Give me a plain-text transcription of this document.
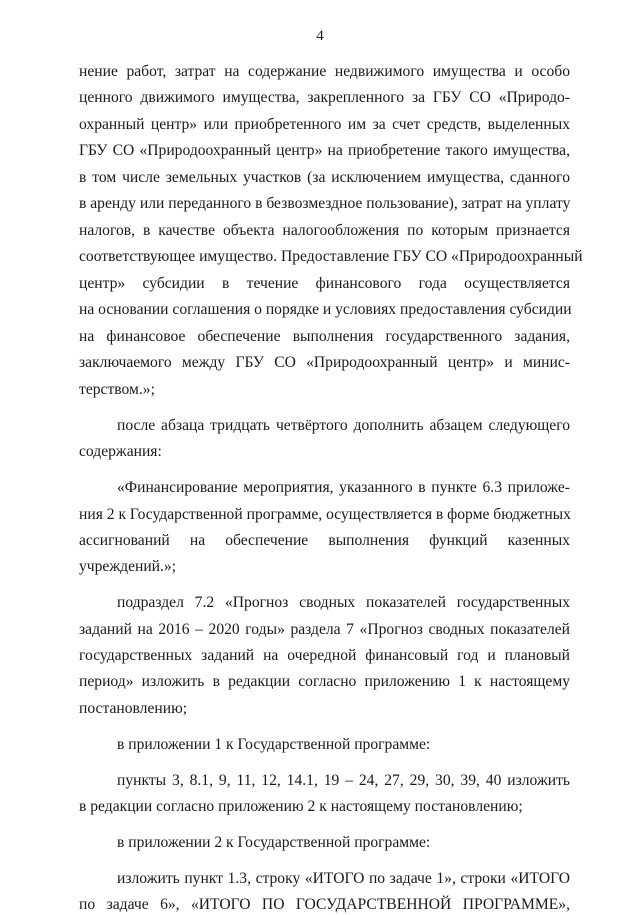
4
нение работ, затрат на содержание недвижимого имущества и особо
ценного движимого имущества, закрепленного за ГБУ СО «Природо-
охранный центр» или приобретенного им за счет средств, выделенных
ГБУ СО «Природоохранный центр» на приобретение такого имущества,
в том числе земельных участков (за исключением имущества, сданного
в аренду или переданного в безвозмездное пользование), затрат на уплату
налогов, в качестве объекта налогообложения по которым признается
соответствующее имущество. Предоставление ГБУ СО «Природоохранный
центр» субсидии в течение финансового года осуществляется
на основании соглашения о порядке и условиях предоставления субсидии
на финансовое обеспечение выполнения государственного задания,
заключаемого между ГБУ СО «Природоохранный центр» и минис-
терством.»;
после абзаца тридцать четвёртого дополнить абзацем следующего
содержания:
«Финансирование мероприятия, указанного в пункте 6.3 приложе-
ния 2 к Государственной программе, осуществляется в форме бюджетных
ассигнований на обеспечение выполнения функций казенных
учреждений.»;
подраздел 7.2 «Прогноз сводных показателей государственных
заданий на 2016 – 2020 годы» раздела 7 «Прогноз сводных показателей
государственных заданий на очередной финансовый год и плановый
период» изложить в редакции согласно приложению 1 к настоящему
постановлению;
в приложении 1 к Государственной программе:
пункты 3, 8.1, 9, 11, 12, 14.1, 19 – 24, 27, 29, 30, 39, 40 изложить
в редакции согласно приложению 2 к настоящему постановлению;
в приложении 2 к Государственной программе:
изложить пункт 1.3, строку «ИТОГО по задаче 1», строки «ИТОГО
по задаче 6», «ИТОГО ПО ГОСУДАРСТВЕННОЙ ПРОГРАММЕ»,
